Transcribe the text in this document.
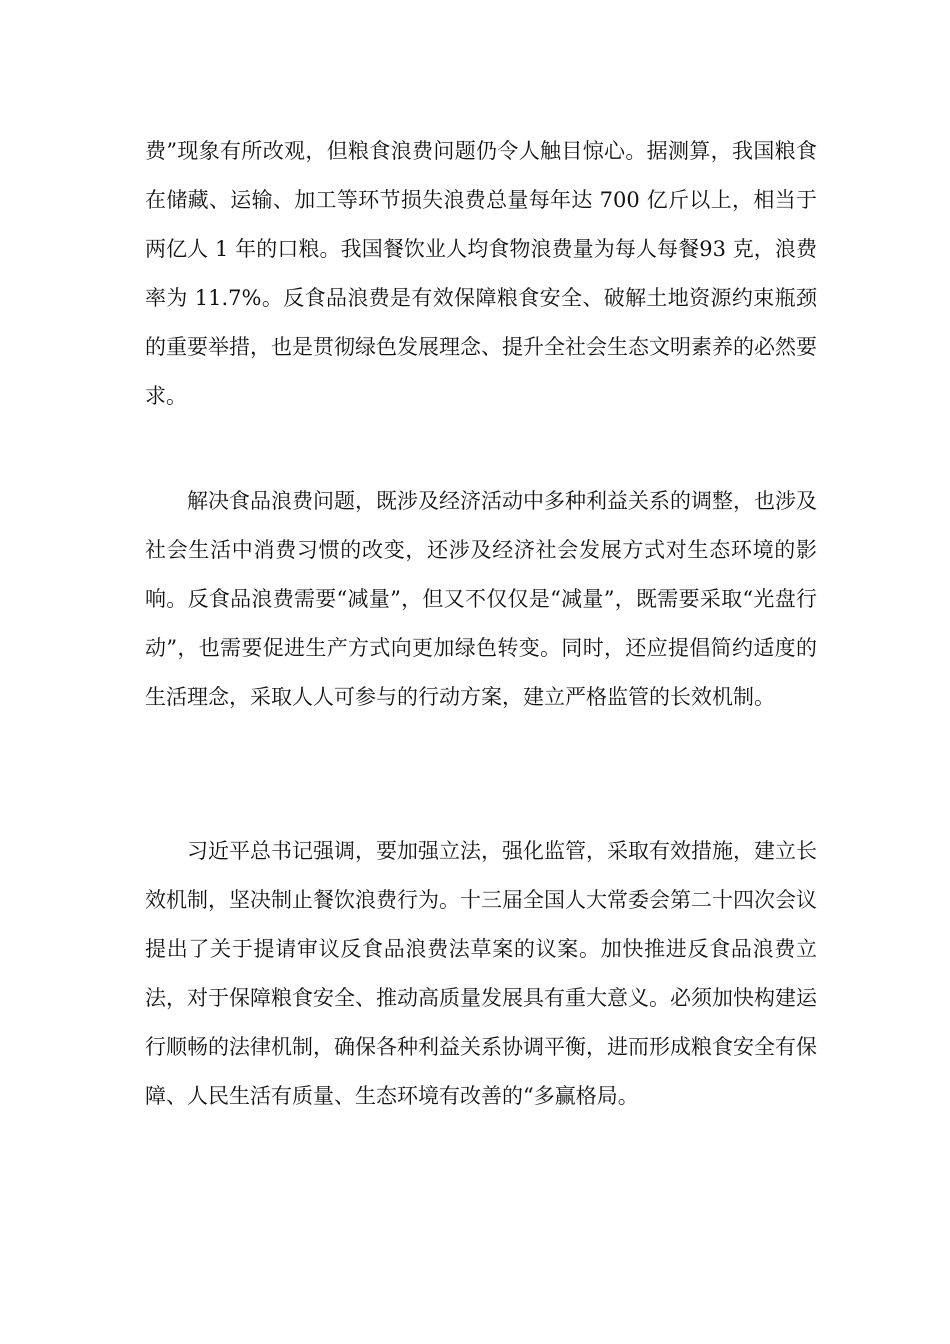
费”现象有所改观，但粮食浪费问题仍令人触目惊心。据测算，我国粮食在储藏、运输、加工等环节损失浪费总量每年达 700 亿斤以上，相当于两亿人 1 年的口粮。我国餐饮业人均食物浪费量为每人每餐93 克，浪费率为 11.7%。反食品浪费是有效保障粮食安全、破解土地资源约束瓶颈的重要举措，也是贯彻绿色发展理念、提升全社会生态文明素养的必然要求。

解决食品浪费问题，既涉及经济活动中多种利益关系的调整，也涉及社会生活中消费习惯的改变，还涉及经济社会发展方式对生态环境的影响。反食品浪费需要“减量”，但又不仅仅是“减量”，既需要采取“光盘行动”，也需要促进生产方式向更加绿色转变。同时，还应提倡简约适度的生活理念，采取人人可参与的行动方案，建立严格监管的长效机制。

习近平总书记强调，要加强立法，强化监管，采取有效措施，建立长效机制，坚决制止餐饮浪费行为。十三届全国人大常委会第二十四次会议提出了关于提请审议反食品浪费法草案的议案。加快推进反食品浪费立法，对于保障粮食安全、推动高质量发展具有重大意义。必须加快构建运行顺畅的法律机制，确保各种利益关系协调平衡，进而形成粮食安全有保障、人民生活有质量、生态环境有改善的“多赢格局。
